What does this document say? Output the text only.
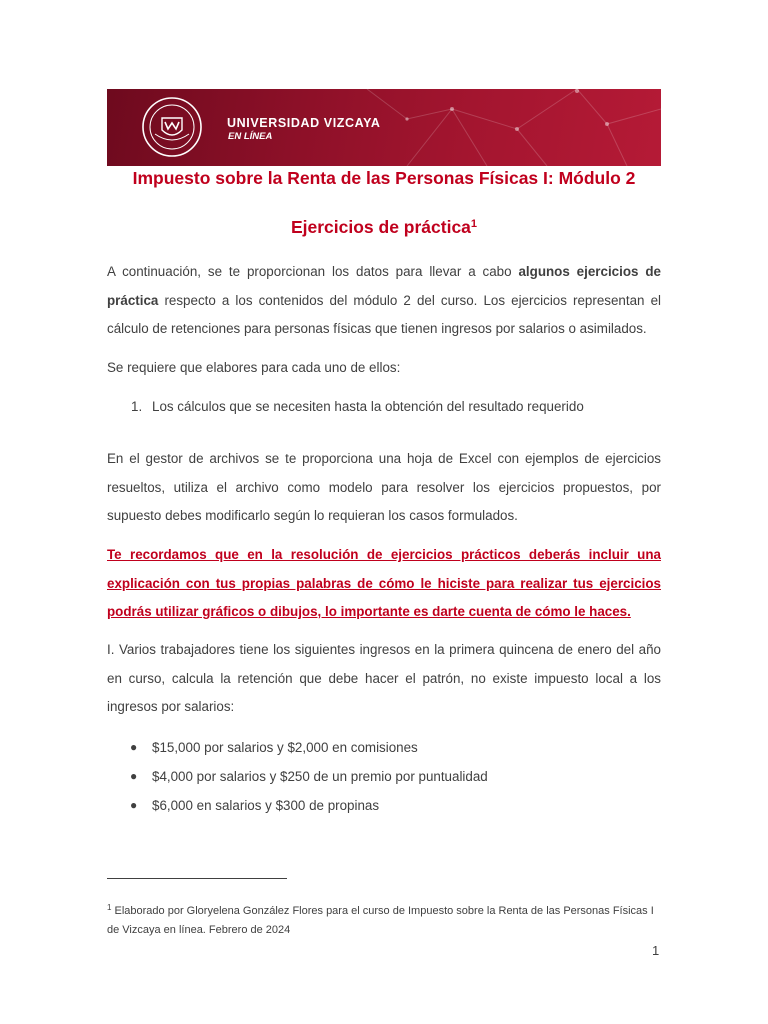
UNIVERSIDAD VIZCAYA
EN LÍNEA
Impuesto sobre la Renta de las Personas Físicas I: Módulo 2
Ejercicios de práctica$^1$
A continuación, se te proporcionan los datos para llevar a cabo algunos ejercicios de práctica respecto a los contenidos del módulo 2 del curso. Los ejercicios representan el cálculo de retenciones para personas físicas que tienen ingresos por salarios o asimilados.
Se requiere que elabores para cada uno de ellos:
1. Los cálculos que se necesiten hasta la obtención del resultado requerido
En el gestor de archivos se te proporciona una hoja de Excel con ejemplos de ejercicios resueltos, utiliza el archivo como modelo para resolver los ejercicios propuestos, por supuesto debes modificarlo según lo requieran los casos formulados.
Te recordamos que en la resolución de ejercicios prácticos deberás incluir una explicación con tus propias palabras de cómo le hiciste para realizar tus ejercicios podrás utilizar gráficos o dibujos, lo importante es darte cuenta de cómo le haces.
I. Varios trabajadores tiene los siguientes ingresos en la primera quincena de enero del año en curso, calcula la retención que debe hacer el patrón, no existe impuesto local a los ingresos por salarios:
● $15,000 por salarios y $2,000 en comisiones
● $4,000 por salarios y $250 de un premio por puntualidad
● $6,000 en salarios y $300 de propinas
$^1$ Elaborado por Gloryelena González Flores para el curso de Impuesto sobre la Renta de las Personas Físicas I de Vizcaya en línea. Febrero de 2024
1
